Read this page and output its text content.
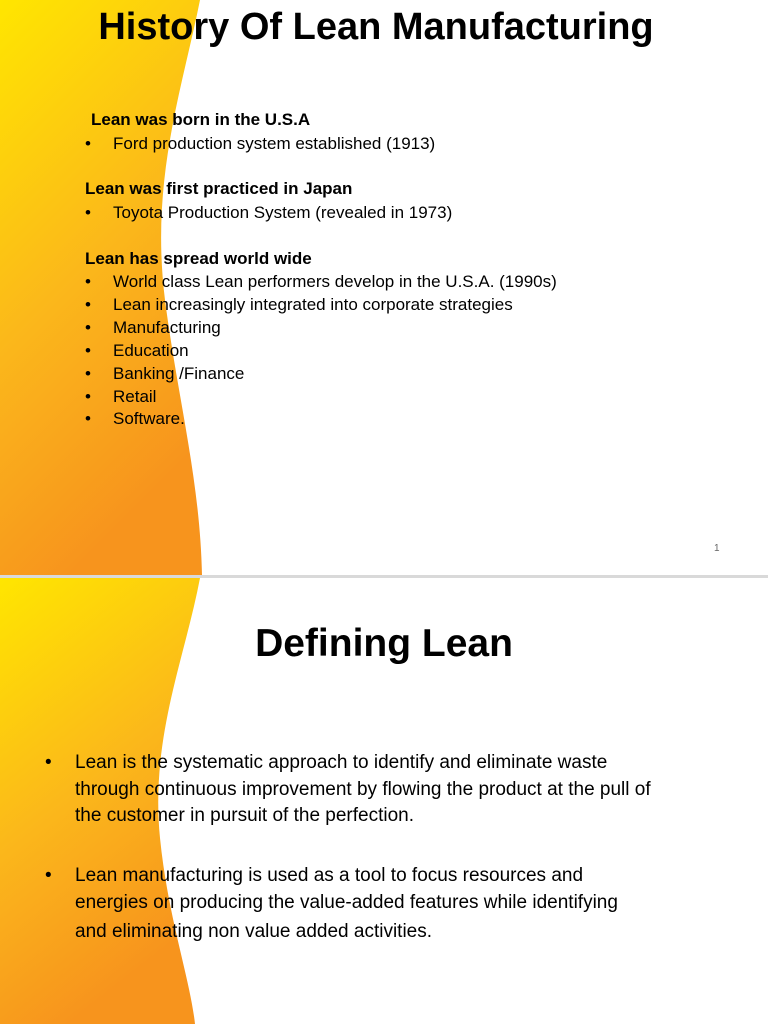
History Of Lean Manufacturing
Lean was born in the U.S.A
• Ford production system established (1913)
Lean was first practiced in Japan
• Toyota Production System (revealed in 1973)
Lean has spread world wide
• World class Lean performers develop in the U.S.A. (1990s)
• Lean increasingly integrated into corporate strategies
• Manufacturing
• Education
• Banking /Finance
• Retail
• Software.
1
Defining Lean
• Lean is the systematic approach to identify and eliminate waste
through continuous improvement by flowing the product at the pull of
the customer in pursuit of the perfection.
• Lean manufacturing is used as a tool to focus resources and
energies on producing the value-added features while identifying
and eliminating non value added activities.
